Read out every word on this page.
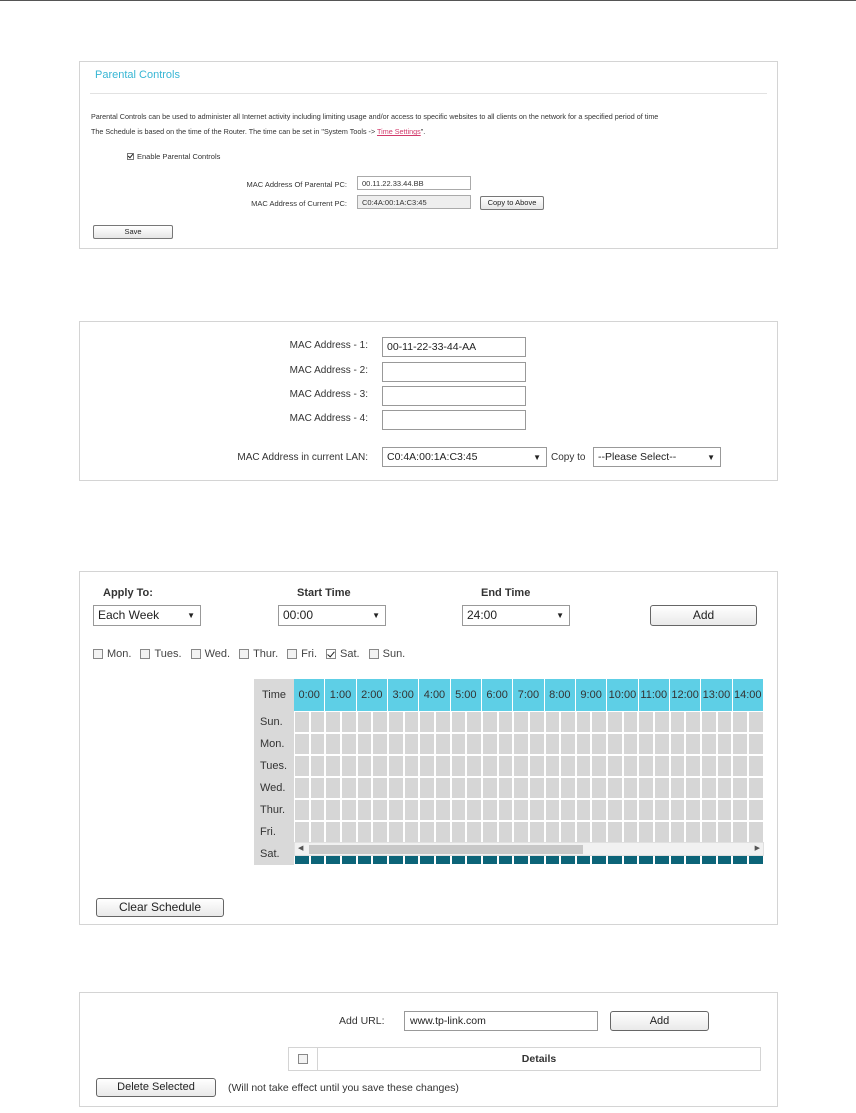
Parental Controls
Parental Controls can be used to administer all Internet activity including limiting usage and/or access to specific websites to all clients on the network for a specified period of time
The Schedule is based on the time of the Router. The time can be set in "System Tools -> Time Settings".
Enable Parental Controls
MAC Address Of Parental PC:	00.11.22.33.44.BB
MAC Address of Current PC:	C0:4A:00:1A:C3:45	Copy to Above
Save
MAC Address - 1:	00-11-22-33-44-AA
MAC Address - 2:
MAC Address - 3:
MAC Address - 4:
MAC Address in current LAN:	C0:4A:00:1A:C3:45	▼ Copy to	--Please Select--	▼
Apply To:	Start Time	End Time
Each Week	▼	00:00	▼	24:00	▼	Add
Mon. Tues. Wed. Thur. Fri. Sat. Sun.
Time	0:00 1:00 2:00 3:00 4:00 5:00 6:00 7:00 8:00 9:00 10:00 11:00 12:00 13:00 14:00
Sun.
Mon.
Tues.
Wed.
Thur.
Fri.
Sat.	◀	▶
Clear Schedule
Add URL:	www.tp-link.com	Add
Details
Delete Selected	(Will not take effect until you save these changes)
